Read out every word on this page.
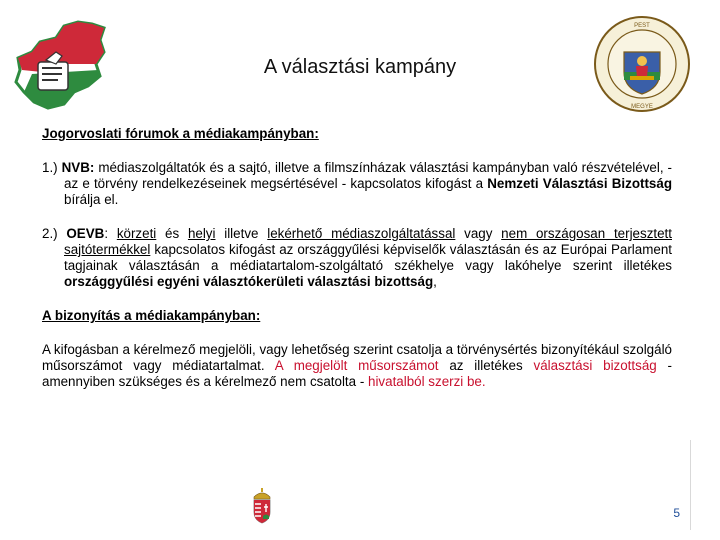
PEST
MEGYE
A választási kampány
Jogorvoslati fórumok a médiakampányban:
1.) NVB: médiaszolgáltatók és a sajtó, illetve a filmszínházak választási kampányban való részvételével, - az e törvény rendelkezéseinek megsértésével - kapcsolatos kifogást a Nemzeti Választási Bizottság bírálja el.
2.) OEVB: körzeti és helyi illetve lekérhető médiaszolgáltatással vagy nem országosan terjesztett sajtótermékkel kapcsolatos kifogást az országgyűlési képviselők választásán és az Európai Parlament tagjainak választásán a médiatartalom-szolgáltató székhelye vagy lakóhelye szerint illetékes országgyűlési egyéni választókerületi választási bizottság,
A bizonyítás a médiakampányban:
A kifogásban a kérelmező megjelöli, vagy lehetőség szerint csatolja a törvénysértés bizonyítékául szolgáló műsorszámot vagy médiatartalmat. A megjelölt műsorszámot az illetékes választási bizottság - amennyiben szükséges és a kérelmező nem csatolta - hivatalból szerzi be.
5
